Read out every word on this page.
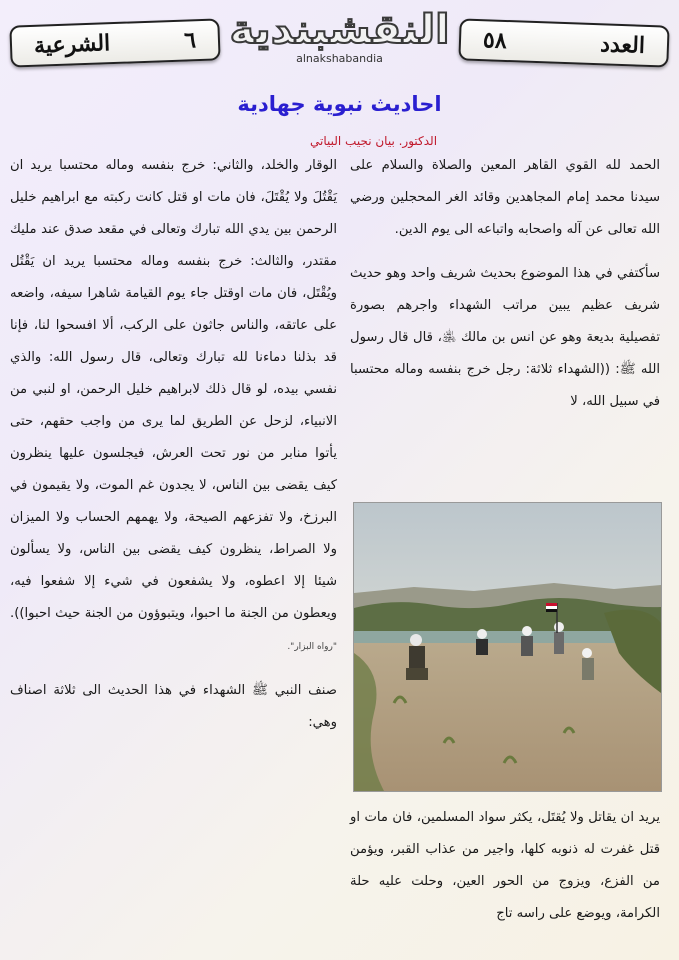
الشرعية	٦ النقشبندية
alnakshabandia
٥٨	العدد
احاديث نبوية جهادية
الدكتور. بيان نجيب البياتي

الحمد لله القوي القاهر المعين والصلاة والسلام على سيدنا محمد إمام المجاهدين وقائد الغر المحجلين ورضي الله تعالى عن آله واصحابه واتباعه الى يوم الدين.

سأكتفي في هذا الموضوع بحديث شريف واحد وهو حديث شريف عظيم يبين مراتب الشهداء واجرهم بصورة تفصيلية بديعة وهو عن انس بن مالك ﵁، قال قال رسول الله ﷺ: ((الشهداء ثلاثة: رجل خرج بنفسه وماله محتسبا في سبيل الله، لا

يريد ان يقاتل ولا يُقتَل، يكثر سواد المسلمين، فان مات او قتل غفرت له ذنوبه كلها، واجير من عذاب القبر، ويؤمن من الفزع، ويزوج من الحور العين، وحلت عليه حلة الكرامة، ويوضع على راسه تاج

الوقار والخلد، والثاني: خرج بنفسه وماله محتسبا يريد ان يَقْتُلَ ولا يُقْتَلَ، فان مات او قتل كانت ركبته مع ابراهيم خليل الرحمن بين يدي الله تبارك وتعالى في مقعد صدق عند مليك مقتدر، والثالث: خرج بنفسه وماله محتسبا يريد ان يَقْتُل ويُقْتَل، فان مات اوقتل جاء يوم القيامة شاهرا سيفه، واضعه على عاتقه، والناس جاثون على الركب، ألا افسحوا لنا، فإنا قد بذلنا دماءنا لله تبارك وتعالى، قال رسول الله: والذي نفسي بيده، لو قال ذلك لابراهيم خليل الرحمن، او لنبي من الانبياء، لزحل عن الطريق لما يرى من واجب حقهم، حتى يأتوا منابر من نور تحت العرش، فيجلسون عليها ينظرون كيف يقضى بين الناس، لا يجدون غم الموت، ولا يقيمون في البرزخ، ولا تفزعهم الصيحة، ولا يهمهم الحساب ولا الميزان ولا الصراط، ينظرون كيف يقضى بين الناس، ولا يسألون شيئا إلا اعطوه، ولا يشفعون في شيء إلا شفعوا فيه، ويعطون من الجنة ما احبوا، ويتبوؤون من الجنة حيث احبوا)). "رواه البزار".

صنف النبي ﷺ الشهداء في هذا الحديث الى ثلاثة اصناف وهي:
